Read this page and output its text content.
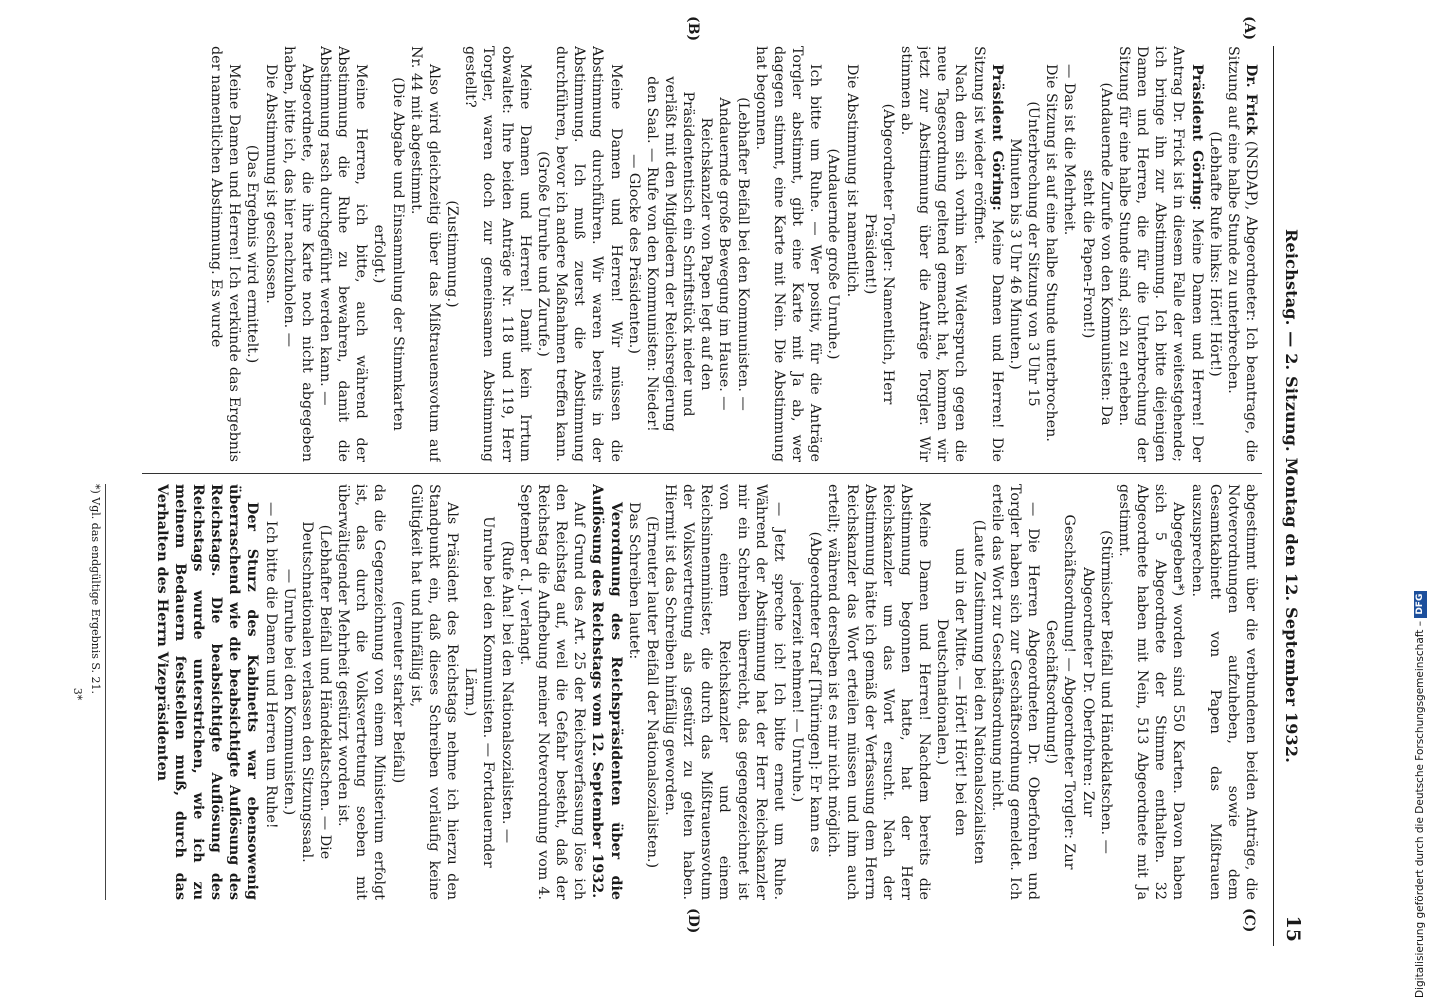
Reichstag. — 2. Sitzung. Montag den 12. September 1932.
15
(A)
(B)
(C)
(D)

Dr. Frick (NSDAP), Abgeordneter: Ich beantrage, die Sitzung auf eine halbe Stunde zu unterbrechen.

(Lebhafte Rufe links: Hört! Hört!)

Präsident Göring: Meine Damen und Herren! Der Antrag Dr. Frick ist in diesem Falle der weitestgehende; ich bringe ihn zur Abstimmung. Ich bitte diejenigen Damen und Herren, die für die Unterbrechung der Sitzung für eine halbe Stunde sind, sich zu erheben.

(Andauernde Zurufe von den Kommunisten: Da steht die Papen-Front!)

— Das ist die Mehrheit.

Die Sitzung ist auf eine halbe Stunde unterbrochen.

(Unterbrechung der Sitzung von 3 Uhr 15 Minuten bis 3 Uhr 46 Minuten.)

Präsident Göring: Meine Damen und Herren! Die Sitzung ist wieder eröffnet.

Nach dem sich vorhin kein Widerspruch gegen die neue Tagesordnung geltend gemacht hat, kommen wir jetzt zur Abstimmung über die Anträge Torgler. Wir stimmen ab.

(Abgeordneter Torgler: Namentlich, Herr Präsident!)

Die Abstimmung ist namentlich.

(Andauernde große Unruhe.)

Ich bitte um Ruhe. — Wer positiv, für die Anträge Torgler abstimmt, gibt eine Karte mit Ja ab, wer dagegen stimmt, eine Karte mit Nein. Die Abstimmung hat begonnen.

(Lebhafter Beifall bei den Kommunisten. — Andauernde große Bewegung im Hause. — Reichskanzler von Papen legt auf den Präsidententisch ein Schriftstück nieder und verläßt mit den Mitgliedern der Reichsregierung den Saal. — Rufe von den Kommunisten: Nieder! — Glocke des Präsidenten.)

Meine Damen und Herren! Wir müssen die Abstimmung durchführen. Wir waren bereits in der Abstimmung. Ich muß zuerst die Abstimmung durchführen, bevor ich andere Maßnahmen treffen kann.

(Große Unruhe und Zurufe.)

Meine Damen und Herren! Damit kein Irrtum obwaltet: Ihre beiden Anträge Nr. 118 und 119, Herr Torgler, waren doch zur gemeinsamen Abstimmung gestellt?

(Zustimmung.)

Also wird gleichzeitig über das Mißtrauensvotum auf Nr. 44 mit abgestimmt.

(Die Abgabe und Einsammlung der Stimmkarten erfolgt.)

Meine Herren, ich bitte, auch während der Abstimmung die Ruhe zu bewahren, damit die Abstimmung rasch durchgeführt werden kann. —

Abgeordnete, die ihre Karte noch nicht abgegeben haben, bitte ich, das hier nachzuholen. —

Die Abstimmung ist geschlossen.

(Das Ergebnis wird ermittelt.)

Meine Damen und Herren! Ich verkünde das Ergebnis der namentlichen Abstimmung. Es wurde

abgestimmt über die verbundenen beiden Anträge, die Notverordnungen aufzuheben, sowie dem Gesamtkabinett von Papen das Mißtrauen auszusprechen.

Abgegeben*) worden sind 550 Karten. Davon haben sich 5 Abgeordnete der Stimme enthalten. 32 Abgeordnete haben mit Nein, 513 Abgeordnete mit Ja gestimmt.

(Stürmischer Beifall und Händeklatschen. — Abgeordneter Dr. Oberfohren: Zur Geschäftsordnung! — Abgeordneter Torgler: Zur Geschäftsordnung!)

— Die Herren Abgeordneten Dr. Oberfohren und Torgler haben sich zur Geschäftsordnung gemeldet. Ich erteile das Wort zur Geschäftsordnung nicht.

(Laute Zustimmung bei den Nationalsozialisten und in der Mitte. — Hört! Hört! bei den Deutschnationalen.)

Meine Damen und Herren! Nachdem bereits die Abstimmung begonnen hatte, hat der Herr Reichskanzler um das Wort ersucht. Nach der Abstimmung hätte ich gemäß der Verfassung dem Herrn Reichskanzler das Wort erteilen müssen und ihm auch erteilt; während derselben ist es mir nicht möglich.

(Abgeordneter Graf [Thüringen]: Er kann es jederzeit nehmen! — Unruhe.)

— Jetzt spreche ich! Ich bitte erneut um Ruhe. Während der Abstimmung hat der Herr Reichskanzler mir ein Schreiben überreicht, das gegengezeichnet ist von einem Reichskanzler und einem Reichsinnenminister, die durch das Mißtrauensvotum der Volksvertretung als gestürzt zu gelten haben. Hiermit ist das Schreiben hinfällig geworden.

(Erneuter lauter Beifall der Nationalsozialisten.)

Das Schreiben lautet:

Verordnung des Reichspräsidenten über die Auflösung des Reichstags vom 12. September 1932.

Auf Grund des Art. 25 der Reichsverfassung löse ich den Reichstag auf, weil die Gefahr besteht, daß der Reichstag die Aufhebung meiner Notverordnung vom 4. September d. J. verlangt.

(Rufe Aha! bei den Nationalsozialisten. — Unruhe bei den Kommunisten. — Fortdauernder Lärm.)

Als Präsident des Reichstags nehme ich hierzu den Standpunkt ein, daß dieses Schreiben vorläufig keine Gültigkeit hat und hinfällig ist,

(erneuter starker Beifall)

da die Gegenzeichnung von einem Ministerium erfolgt ist, das durch die Volksvertretung soeben mit überwältigender Mehrheit gestürzt worden ist.

(Lebhafter Beifall und Händeklatschen. — Die Deutschnationalen verlassen den Sitzungssaal. — Unruhe bei den Kommunisten.)

— Ich bitte die Damen und Herren um Ruhe!

Der Sturz des Kabinetts war ebensowenig überraschend wie die beabsichtigte Auflösung des Reichstags. Die beabsichtigte Auflösung des Reichstags wurde unterstrichen, wie ich zu meinem Bedauern feststellen muß, durch das Verhalten des Herrn Vizepräsidenten

*) Vgl. das endgültige Ergebnis S. 21.
3*	Digitalisierung gefördert durch die Deutsche Forschungsgemeinschaft – DFG
